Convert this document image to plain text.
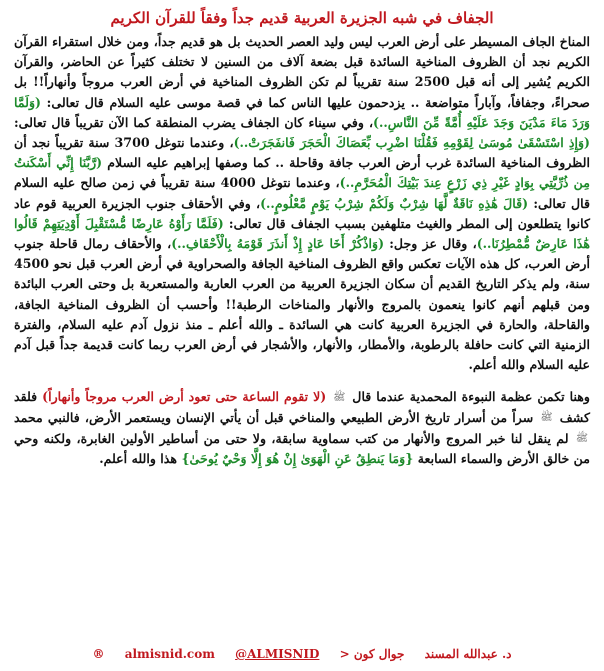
الجفاف في شبه الجزيرة العربية قديم جداً وفقاً للقرآن الكريم

المناخ الجاف المسيطر على أرض العرب ليس وليد العصر الحديث بل هو قديم جداً، ومن خلال استقراء القرآن الكريم نجد أن الظروف المناخية السائدة قبل بضعة آلاف من السنين لا تختلف كثيراً عن الحاضر، والقرآن الكريم يُشير إلى أنه قبل 2500 سنة تقريباً لم تكن الظروف المناخية في أرض العرب مروجاً وأنهاراً!! بل صحراءً، وجفافاً، وآباراً متواضعة .. يزدحمون عليها الناس كما في قصة موسى عليه السلام قال تعالى: (وَلَمَّا وَرَدَ مَاءَ مَدْيَنَ وَجَدَ عَلَيْهِ أُمَّةً مِّنَ النَّاسِ..)، وفي سيناء كان الجفاف يضرب المنطقة كما الآن تقريباً قال تعالى: (وَإِذِ اسْتَسْقَىٰ مُوسَىٰ لِقَوْمِهِ فَقُلْنَا اضْرِب بِّعَصَاكَ الْحَجَرَ فَانفَجَرَتْ..)، وعندما نتوغل 3700 سنة تقريباً نجد أن الظروف المناخية السائدة غرب أرض العرب جافة وقاحلة .. كما وصفها إبراهيم عليه السلام (رَّبَّنَا إِنِّي أَسْكَنتُ مِن ذُرِّيَّتِي بِوَادٍ غَيْرِ ذِي زَرْعٍ عِندَ بَيْتِكَ الْمُحَرَّمِ..)، وعندما نتوغل 4000 سنة تقريباً في زمن صالح عليه السلام قال تعالى: (قَالَ هَٰذِهِ نَاقَةٌ لَّهَا شِرْبٌ وَلَكُمْ شِرْبُ يَوْمٍ مَّعْلُومٍ..)، وفي الأحقاف جنوب الجزيرة العربية قوم عاد كانوا يتطلعون إلى المطر والغيث متلهفين بسبب الجفاف قال تعالى: (فَلَمَّا رَأَوْهُ عَارِضًا مُّسْتَقْبِلَ أَوْدِيَتِهِمْ قَالُوا هَٰذَا عَارِضٌ مُّمْطِرُنَا..)، وقال عز وجل: (وَاذْكُرْ أَخَا عَادٍ إِذْ أَنذَرَ قَوْمَهُ بِالْأَحْقَافِ..)، والأحقاف رمال قاحلة جنوب أرض العرب، كل هذه الآيات تعكس واقع الظروف المناخية الجافة والصحراوية في أرض العرب قبل نحو 4500 سنة، ولم يذكر التاريخ القديم أن سكان الجزيرة العربية من العرب العاربة والمستعربة بل وحتى العرب البائدة ومن قبلهم أنهم كانوا ينعمون بالمروج والأنهار والمناخات الرطبة!! وأحسب أن الظروف المناخية الجافة، والقاحلة، والحارة في الجزيرة العربية كانت هي السائدة ـ والله أعلم ـ منذ نزول آدم عليه السلام، والفترة الزمنية التي كانت حافلة بالرطوبة، والأمطار، والأنهار، والأشجار في أرض العرب ربما كانت قديمة جداً قبل آدم عليه السلام والله أعلم.

وهنا تكمن عظمة النبوءة المحمدية عندما قال ﷺ (لا تقوم الساعة حتى تعود أرض العرب مروجاً وأنهاراً) فلقد كشف ﷺ سراً من أسرار تاريخ الأرض الطبيعي والمناخي قبل أن يأتي الإنسان ويستعمر الأرض، فالنبي محمد ﷺ لم ينقل لنا خبر المروج والأنهار من كتب سماوية سابقة، ولا حتى من أساطير الأولين الغابرة، ولكنه وحي من خالق الأرض والسماء السابعة {وَمَا يَنطِقُ عَنِ الْهَوَىٰ إِنْ هُوَ إِلَّا وَحْيٌ يُوحَىٰ} هذا والله أعلم.

د. عبدالله المسند جوال كون < almisnid.com @ALMISNID ®
